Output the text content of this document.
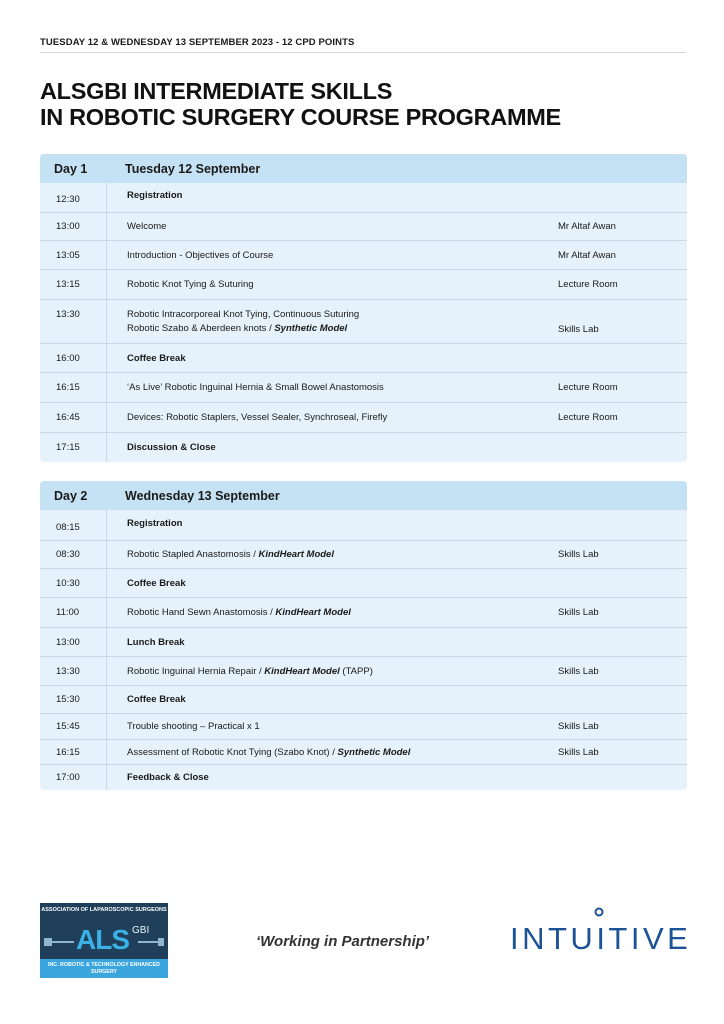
TUESDAY 12 & WEDNESDAY 13 SEPTEMBER 2023 - 12 CPD POINTS
ALSGBI INTERMEDIATE SKILLS
IN ROBOTIC SURGERY COURSE PROGRAMME
Day 1	Tuesday 12 September
12:30	Registration
13:00	Welcome	Mr Altaf Awan
13:05	Introduction - Objectives of Course	Mr Altaf Awan
13:15	Robotic Knot Tying & Suturing	Lecture Room
13:30	Robotic Intracorporeal Knot Tying, Continuous Suturing
Robotic Szabo & Aberdeen knots / Synthetic Model	Skills Lab
16:00	Coffee Break
16:15	‘As Live’ Robotic Inguinal Hernia & Small Bowel Anastomosis	Lecture Room
16:45	Devices: Robotic Staplers, Vessel Sealer, Synchroseal, Firefly	Lecture Room
17:15	Discussion & Close
Day 2	Wednesday 13 September
08:15	Registration
08:30	Robotic Stapled Anastomosis / KindHeart Model	Skills Lab
10:30	Coffee Break
11:00	Robotic Hand Sewn Anastomosis / KindHeart Model	Skills Lab
13:00	Lunch Break
13:30	Robotic Inguinal Hernia Repair / KindHeart Model (TAPP)	Skills Lab
15:30	Coffee Break
15:45	Trouble shooting – Practical x 1	Skills Lab
16:15	Assessment of Robotic Knot Tying (Szabo Knot) / Synthetic Model	Skills Lab
17:00	Feedback & Close
ASSOCIATION OF LAPAROSCOPIC SURGEONS
ALS GBI
INC. ROBOTIC & TECHNOLOGY ENHANCED SURGERY
‘Working in Partnership’	INTUITIVE
